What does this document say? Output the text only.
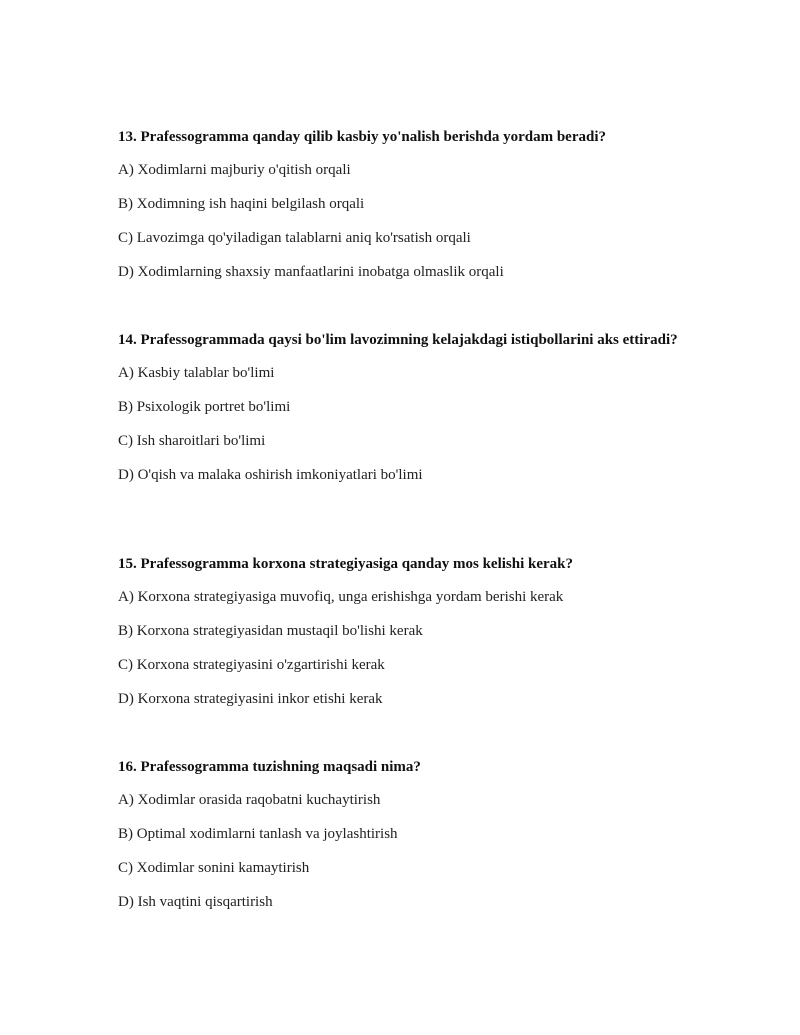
13. Prafessogramma qanday qilib kasbiy yo'nalish berishda yordam beradi?
A) Xodimlarni majburiy o'qitish orqali
B) Xodimning ish haqini belgilash orqali
C) Lavozimga qo'yiladigan talablarni aniq ko'rsatish orqali
D) Xodimlarning shaxsiy manfaatlarini inobatga olmaslik orqali
14. Prafessogrammada qaysi bo'lim lavozimning kelajakdagi istiqbollarini aks ettiradi?
A) Kasbiy talablar bo'limi
B) Psixologik portret bo'limi
C) Ish sharoitlari bo'limi
D) O'qish va malaka oshirish imkoniyatlari bo'limi
15. Prafessogramma korxona strategiyasiga qanday mos kelishi kerak?
A) Korxona strategiyasiga muvofiq, unga erishishga yordam berishi kerak
B) Korxona strategiyasidan mustaqil bo'lishi kerak
C) Korxona strategiyasini o'zgartirishi kerak
D) Korxona strategiyasini inkor etishi kerak
16. Prafessogramma tuzishning maqsadi nima?
A) Xodimlar orasida raqobatni kuchaytirish
B) Optimal xodimlarni tanlash va joylashtirish
C) Xodimlar sonini kamaytirish
D) Ish vaqtini qisqartirish
